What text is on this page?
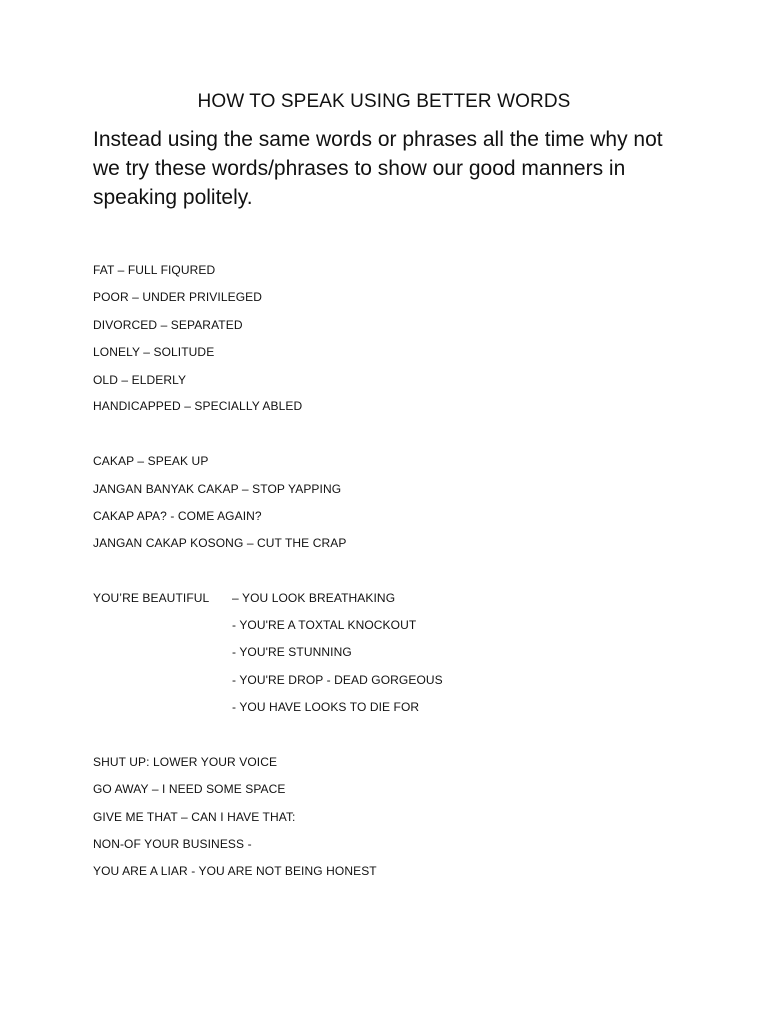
HOW TO SPEAK USING BETTER WORDS
Instead using the same words or phrases all the time why not we try these words/phrases to show our good manners in speaking politely.
FAT – FULL FIQURED
POOR – UNDER PRIVILEGED
DIVORCED – SEPARATED
LONELY – SOLITUDE
OLD – ELDERLY
HANDICAPPED – SPECIALLY ABLED
CAKAP – SPEAK UP
JANGAN BANYAK CAKAP – STOP YAPPING
CAKAP APA? - COME AGAIN?
JANGAN CAKAP KOSONG – CUT THE CRAP
YOU’RE BEAUTIFUL – YOU LOOK BREATHAKING
- YOU'RE A TOXTAL KNOCKOUT
- YOU'RE STUNNING
- YOU'RE DROP - DEAD GORGEOUS
- YOU HAVE LOOKS TO DIE FOR
SHUT UP: LOWER YOUR VOICE
GO AWAY – I NEED SOME SPACE
GIVE ME THAT – CAN I HAVE THAT:
NON-OF YOUR BUSINESS -
YOU ARE A LIAR - YOU ARE NOT BEING HONEST
